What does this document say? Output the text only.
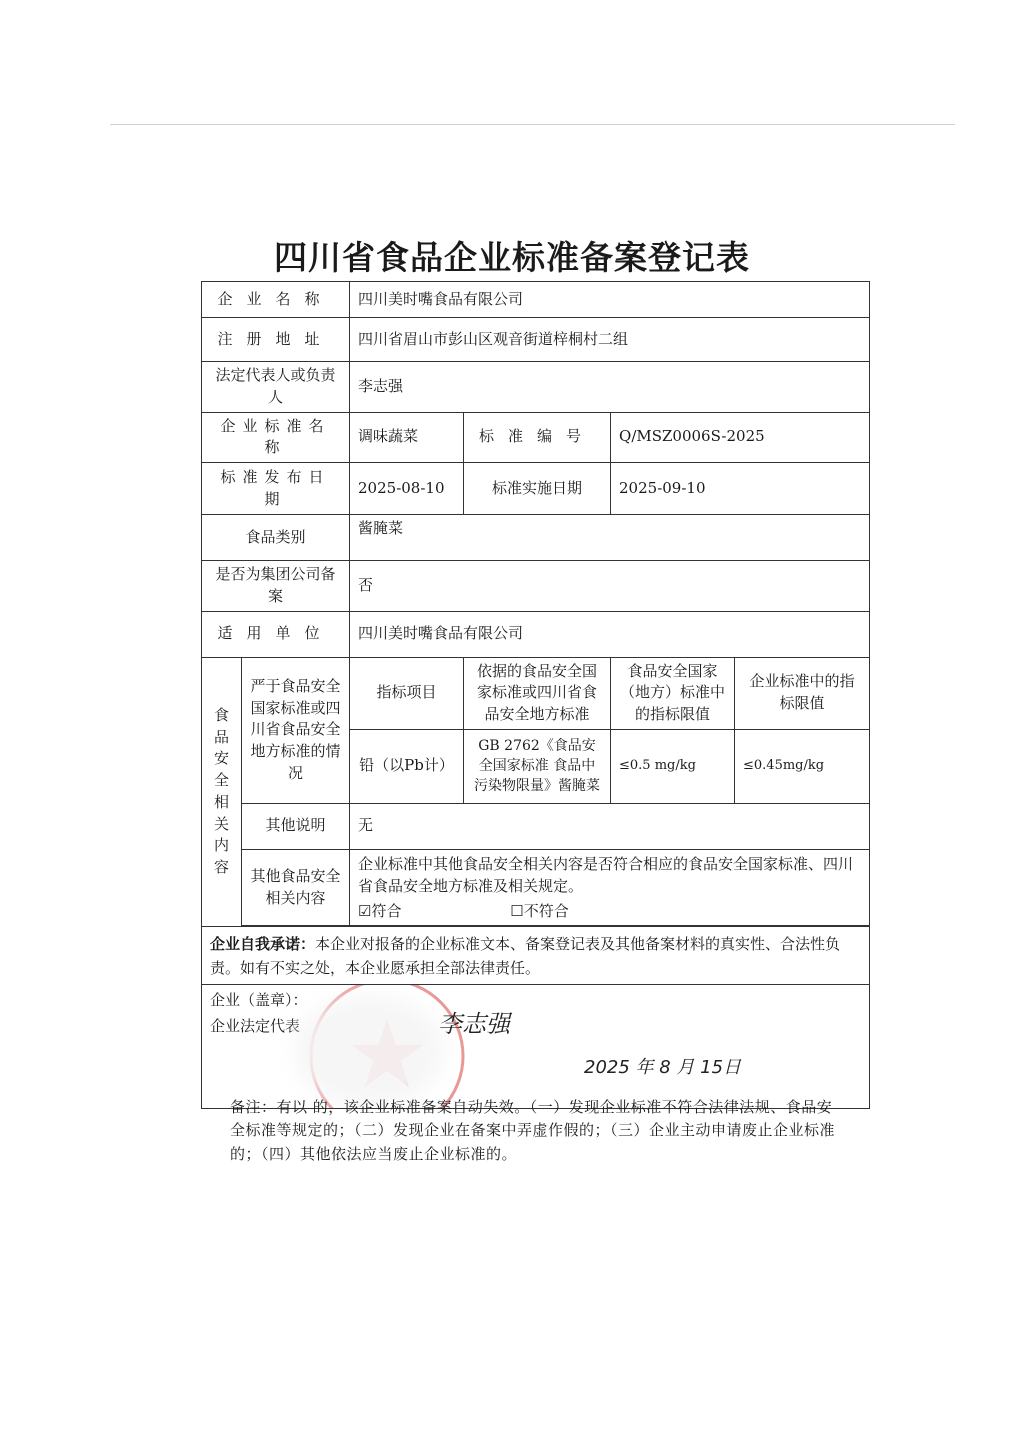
四川省食品企业标准备案登记表
企业名称		四川美时嘴食品有限公司			
注册地址		四川省眉山市彭山区观音街道梓桐村二组			
法定代表人或负责人		李志强			
企业标准名称		调味蔬菜	标准编号	Q/MSZ0006S-2025	
标准发布日期		2025-08-10	标准实施日期	2025-09-10	
食品类别		酱腌菜			
是否为集团公司备案		否			
适用单位		四川美时嘴食品有限公司			
食品安全相关内容	严于食品安全国家标准或四川省食品安全地方标准的情况	指标项目	依据的食品安全国家标准或四川省食品安全地方标准	食品安全国家（地方）标准中的指标限值	企业标准中的指标限值
		铅（以Pb计）	GB 2762《食品安全国家标准 食品中污染物限量》酱腌菜	≤0.5 mg/kg	≤0.45mg/kg
	其他说明	无			
	其他食品安全相关内容	企业标准中其他食品安全相关内容是否符合相应的食品安全国家标准、四川省食品安全地方标准及相关规定。
☑符合 ☐不符合			

企业自我承诺：本企业对报备的企业标准文本、备案登记表及其他备案材料的真实性、合法性负责。如有不实之处，本企业愿承担全部法律责任。					

企业（盖章）：
企业法定代表 李志强
2025 年 8 月 15日					
备注：有以 的，该企业标准备案自动失效。（一）发现企业标准不符合法律法规、食品安全标准等规定的；（二）发现企业在备案中弄虚作假的；（三）企业主动申请废止企业标准的；（四）其他依法应当废止企业标准的。
